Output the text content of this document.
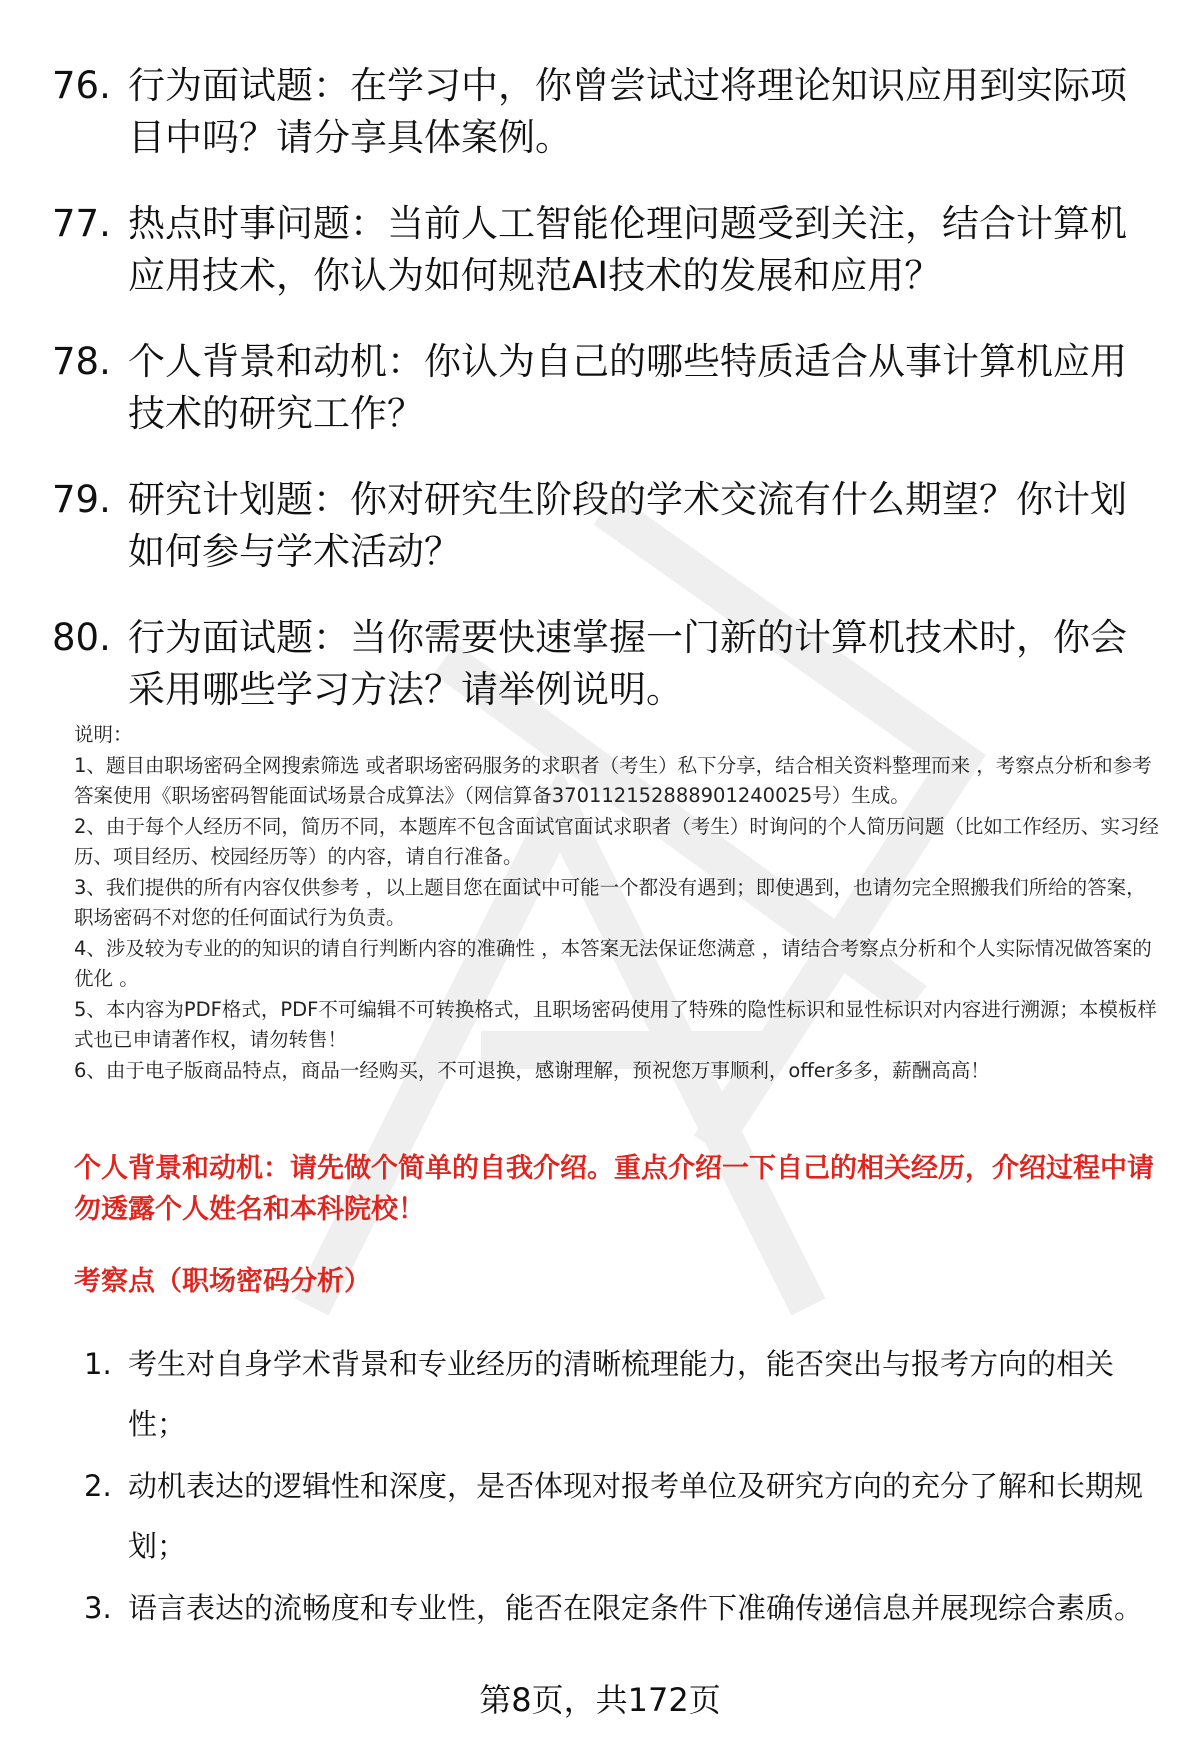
76. 行为面试题：在学习中，你曾尝试过将理论知识应用到实际项目中吗？请分享具体案例。
77. 热点时事问题：当前人工智能伦理问题受到关注，结合计算机应用技术，你认为如何规范AI技术的发展和应用？
78. 个人背景和动机：你认为自己的哪些特质适合从事计算机应用技术的研究工作？
79. 研究计划题：你对研究生阶段的学术交流有什么期望？你计划如何参与学术活动？
80. 行为面试题：当你需要快速掌握一门新的计算机技术时，你会采用哪些学习方法？请举例说明。

说明：

1、题目由职场密码全网搜索筛选 或者职场密码服务的求职者（考生）私下分享，结合相关资料整理而来 ，考察点分析和参考答案使用《职场密码智能面试场景合成算法》（网信算备370112152888901240025号）生成。

2、由于每个人经历不同，简历不同，本题库不包含面试官面试求职者（考生）时询问的个人简历问题（比如工作经历、实习经历、项目经历、校园经历等）的内容，请自行准备。

3、我们提供的所有内容仅供参考 ，以上题目您在面试中可能一个都没有遇到；即使遇到，也请勿完全照搬我们所给的答案，职场密码不对您的任何面试行为负责。

4、涉及较为专业的的知识的请自行判断内容的准确性 ，本答案无法保证您满意 ，请结合考察点分析和个人实际情况做答案的优化 。

5、本内容为PDF格式，PDF不可编辑不可转换格式，且职场密码使用了特殊的隐性标识和显性标识对内容进行溯源；本模板样式也已申请著作权，请勿转售！

6、由于电子版商品特点，商品一经购买，不可退换，感谢理解，预祝您万事顺利，offer多多，薪酬高高！

个人背景和动机：请先做个简单的自我介绍。重点介绍一下自己的相关经历，介绍过程中请勿透露个人姓名和本科院校！

考察点（职场密码分析）

1. 考生对自身学术背景和专业经历的清晰梳理能力，能否突出与报考方向的相关性；
2. 动机表达的逻辑性和深度，是否体现对报考单位及研究方向的充分了解和长期规划；
3. 语言表达的流畅度和专业性，能否在限定条件下准确传递信息并展现综合素质。
第8页，共172页
